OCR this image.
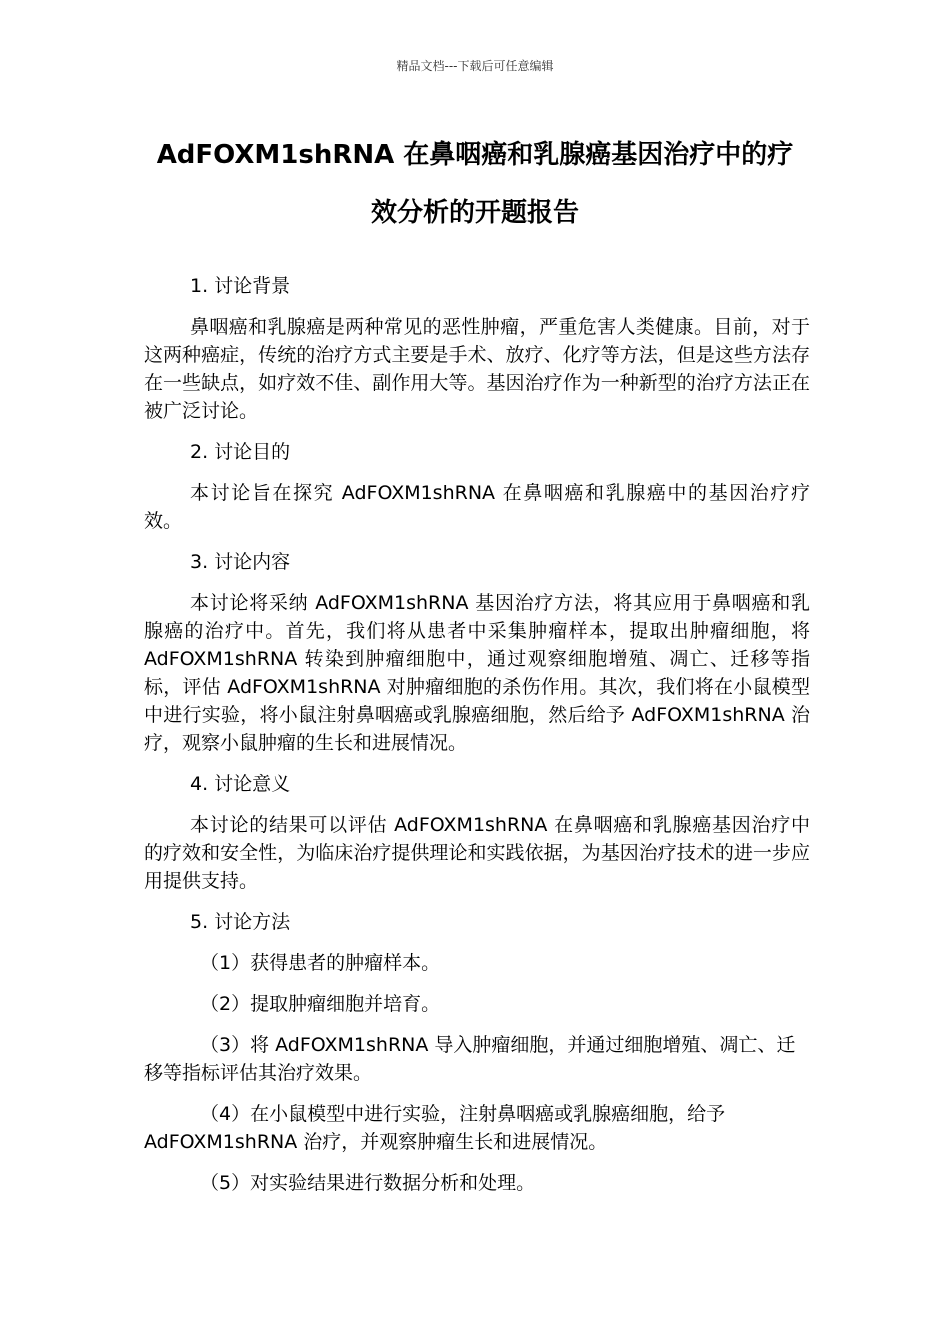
精品文档---下载后可任意编辑
AdFOXM1shRNA 在鼻咽癌和乳腺癌基因治疗中的疗
效分析的开题报告

1. 讨论背景

鼻咽癌和乳腺癌是两种常见的恶性肿瘤，严重危害人类健康。目前，对于这两种癌症，传统的治疗方式主要是手术、放疗、化疗等方法，但是这些方法存在一些缺点，如疗效不佳、副作用大等。基因治疗作为一种新型的治疗方法正在被广泛讨论。

2. 讨论目的

本讨论旨在探究 AdFOXM1shRNA 在鼻咽癌和乳腺癌中的基因治疗疗效。

3. 讨论内容

本讨论将采纳 AdFOXM1shRNA 基因治疗方法，将其应用于鼻咽癌和乳腺癌的治疗中。首先，我们将从患者中采集肿瘤样本，提取出肿瘤细胞，将 AdFOXM1shRNA 转染到肿瘤细胞中，通过观察细胞增殖、凋亡、迁移等指标，评估 AdFOXM1shRNA 对肿瘤细胞的杀伤作用。其次，我们将在小鼠模型中进行实验，将小鼠注射鼻咽癌或乳腺癌细胞，然后给予 AdFOXM1shRNA 治疗，观察小鼠肿瘤的生长和进展情况。

4. 讨论意义

本讨论的结果可以评估 AdFOXM1shRNA 在鼻咽癌和乳腺癌基因治疗中的疗效和安全性，为临床治疗提供理论和实践依据，为基因治疗技术的进一步应用提供支持。

5. 讨论方法

（1）获得患者的肿瘤样本。

（2）提取肿瘤细胞并培育。

（3）将 AdFOXM1shRNA 导入肿瘤细胞，并通过细胞增殖、凋亡、迁移等指标评估其治疗效果。

（4）在小鼠模型中进行实验，注射鼻咽癌或乳腺癌细胞，给予 AdFOXM1shRNA 治疗，并观察肿瘤生长和进展情况。

（5）对实验结果进行数据分析和处理。
